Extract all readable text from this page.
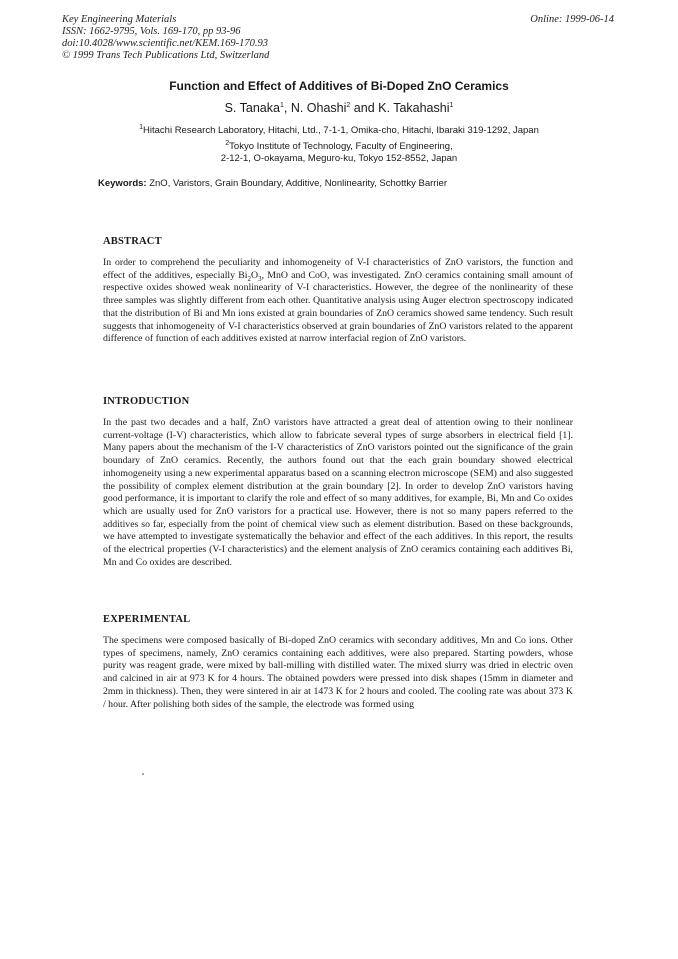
Key Engineering Materials
ISSN: 1662-9795, Vols. 169-170, pp 93-96
doi:10.4028/www.scientific.net/KEM.169-170.93
© 1999 Trans Tech Publications Ltd, Switzerland
Online: 1999-06-14
Function and Effect of Additives of Bi-Doped ZnO Ceramics
S. Tanaka$^1$, N. Ohashi$^2$ and K. Takahashi$^1$
$^1$Hitachi Research Laboratory, Hitachi, Ltd., 7-1-1, Omika-cho, Hitachi, Ibaraki 319-1292, Japan
$^2$Tokyo Institute of Technology, Faculty of Engineering,
2-12-1, O-okayama, Meguro-ku, Tokyo 152-8552, Japan
Keywords: ZnO, Varistors, Grain Boundary, Additive, Nonlinearity, Schottky Barrier
ABSTRACT

In order to comprehend the peculiarity and inhomogeneity of V-I characteristics of ZnO varistors, the function and effect of the additives, especially $Bi_2O_3$, MnO and CoO, was investigated. ZnO ceramics containing small amount of respective oxides showed weak nonlinearity of V-I characteristics. However, the degree of the nonlinearity of these three samples was slightly different from each other. Quantitative analysis using Auger electron spectroscopy indicated that the distribution of Bi and Mn ions existed at grain boundaries of ZnO ceramics showed same tendency. Such result suggests that inhomogeneity of V-I characteristics observed at grain boundaries of ZnO varistors related to the apparent difference of function of each additives existed at narrow interfacial region of ZnO varistors.

INTRODUCTION

In the past two decades and a half, ZnO varistors have attracted a great deal of attention owing to their nonlinear current-voltage (I-V) characteristics, which allow to fabricate several types of surge absorbers in electrical field [1]. Many papers about the mechanism of the I-V characteristics of ZnO varistors pointed out the significance of the grain boundary of ZnO ceramics. Recently, the authors found out that the each grain boundary showed electrical inhomogeneity using a new experimental apparatus based on a scanning electron microscope (SEM) and also suggested the possibility of complex element distribution at the grain boundary [2]. In order to develop ZnO varistors having good performance, it is important to clarify the role and effect of so many additives, for example, Bi, Mn and Co oxides which are usually used for ZnO varistors for a practical use. However, there is not so many papers referred to the additives so far, especially from the point of chemical view such as element distribution. Based on these backgrounds, we have attempted to investigate systematically the behavior and effect of the each additives. In this report, the results of the electrical properties (V-I characteristics) and the element analysis of ZnO ceramics containing each additives Bi, Mn and Co oxides are described.

EXPERIMENTAL

The specimens were composed basically of Bi-doped ZnO ceramics with secondary additives, Mn and Co ions. Other types of specimens, namely, ZnO ceramics containing each additives, were also prepared. Starting powders, whose purity was reagent grade, were mixed by ball-milling with distilled water. The mixed slurry was dried in electric oven and calcined in air at 973 K for 4 hours. The obtained powders were pressed into disk shapes (15mm in diameter and 2mm in thickness). Then, they were sintered in air at 1473 K for 2 hours and cooled. The cooling rate was about 373 K / hour. After polishing both sides of the sample, the electrode was formed using
